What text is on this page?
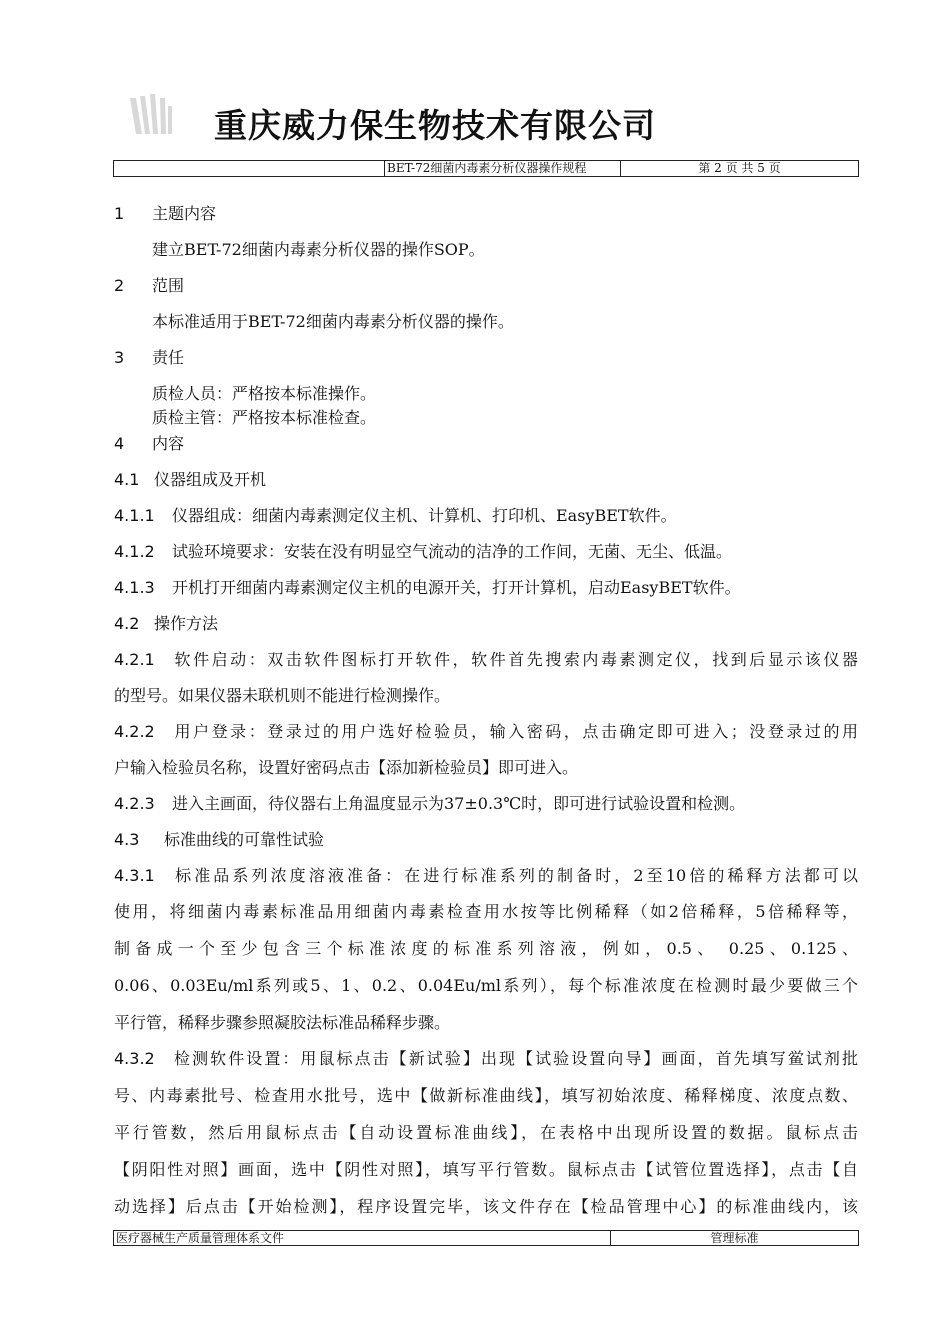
重庆威力保生物技术有限公司
BET-72细菌内毒素分析仪器操作规程	第 2 页 共 5 页
1 主题内容
建立BET-72细菌内毒素分析仪器的操作SOP。
2 范围
本标准适用于BET-72细菌内毒素分析仪器的操作。
3 责任
质检人员：严格按本标准操作。
质检主管：严格按本标准检查。
4 内容
4.1 仪器组成及开机
4.1.1 仪器组成：细菌内毒素测定仪主机、计算机、打印机、EasyBET软件。
4.1.2 试验环境要求：安装在没有明显空气流动的洁净的工作间，无菌、无尘、低温。
4.1.3 开机打开细菌内毒素测定仪主机的电源开关，打开计算机，启动EasyBET软件。
4.2 操作方法
4.2.1 软件启动：双击软件图标打开软件，软件首先搜索内毒素测定仪，找到后显示该仪器
的型号。如果仪器未联机则不能进行检测操作。
4.2.2 用户登录：登录过的用户选好检验员，输入密码，点击确定即可进入；没登录过的用
户输入检验员名称，设置好密码点击【添加新检验员】即可进入。
4.2.3 进入主画面，待仪器右上角温度显示为37±0.3℃时，即可进行试验设置和检测。
4.3 标准曲线的可靠性试验
4.3.1 标准品系列浓度溶液准备：在进行标准系列的制备时，2至10倍的稀释方法都可以
使用，将细菌内毒素标准品用细菌内毒素检查用水按等比例稀释（如2倍稀释，5倍稀释等，
制备成一个至少包含三个标准浓度的标准系列溶液，例如，0.5、 0.25、0.125、
0.06、0.03Eu/ml系列或5、1、0.2、0.04Eu/ml系列），每个标准浓度在检测时最少要做三个
平行管，稀释步骤参照凝胶法标准品稀释步骤。
4.3.2 检测软件设置：用鼠标点击【新试验】出现【试验设置向导】画面，首先填写鲎试剂批
号、内毒素批号、检查用水批号，选中【做新标准曲线】，填写初始浓度、稀释梯度、浓度点数、
平行管数，然后用鼠标点击【自动设置标准曲线】，在表格中出现所设置的数据。鼠标点击
【阴阳性对照】画面，选中【阴性对照】，填写平行管数。鼠标点击【试管位置选择】，点击【自
动选择】后点击【开始检测】，程序设置完毕，该文件存在【检品管理中心】的标准曲线内，该
医疗器械生产质量管理体系文件	管理标准
